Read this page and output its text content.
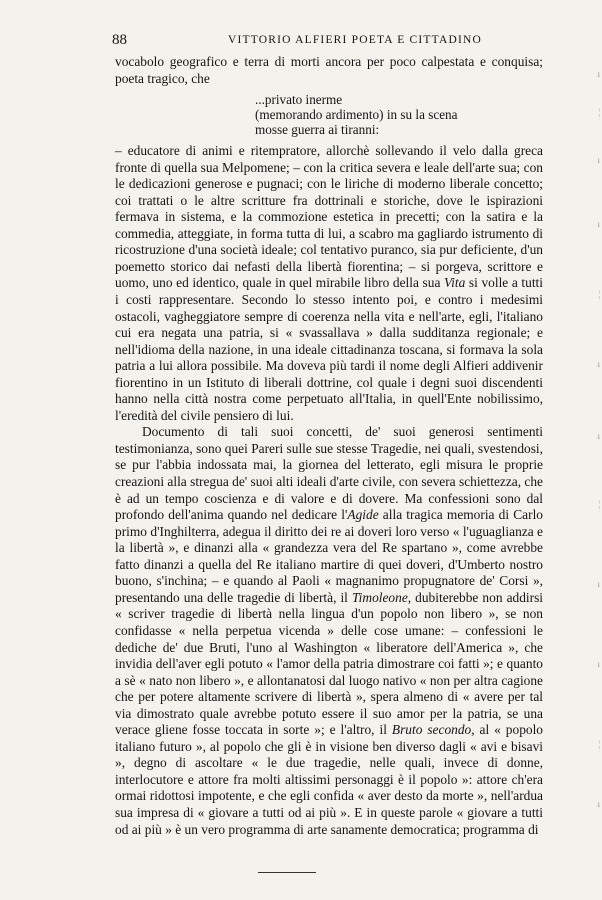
88	VITTORIO ALFIERI POETA E CITTADINO

vocabolo geografico e terra di morti ancora per poco calpestata e conquisa; poeta tragico, che

...privato inerme
(memorando ardimento) in su la scena
mosse guerra ai tiranni:

– educatore di animi e ritempratore, allorchè sollevando il velo dalla greca fronte di quella sua Melpomene; – con la critica severa e leale dell'arte sua; con le dedicazioni generose e pugnaci; con le liriche di moderno liberale concetto; coi trattati o le altre scritture fra dottrinali e storiche, dove le ispirazioni fermava in sistema, e la commozione estetica in precetti; con la satira e la commedia, atteggiate, in forma tutta di lui, a scabro ma gagliardo istrumento di ricostruzione d'una società ideale; col tentativo puranco, sia pur deficiente, d'un poemetto storico dai nefasti della libertà fiorentina; – si porgeva, scrittore e uomo, uno ed identico, quale in quel mirabile libro della sua Vita si volle a tutti i costi rappresentare. Secondo lo stesso intento poi, e contro i medesimi ostacoli, vagheggiatore sempre di coerenza nella vita e nell'arte, egli, l'italiano cui era negata una patria, si « svassallava » dalla sudditanza regionale; e nell'idioma della nazione, in una ideale cittadinanza toscana, si formava la sola patria a lui allora possibile. Ma doveva più tardi il nome degli Alfieri addivenir fiorentino in un Istituto di liberali dottrine, col quale i degni suoi discendenti hanno nella città nostra come perpetuato all'Italia, in quell'Ente nobilissimo, l'eredità del civile pensiero di lui.

Documento di tali suoi concetti, de' suoi generosi sentimenti testimonianza, sono quei Pareri sulle sue stesse Tragedie, nei quali, svestendosi, se pur l'abbia indossata mai, la giornea del letterato, egli misura le proprie creazioni alla stregua de' suoi alti ideali d'arte civile, con severa schiettezza, che è ad un tempo coscienza e di valore e di dovere. Ma confessioni sono dal profondo dell'anima quando nel dedicare l'Agide alla tragica memoria di Carlo primo d'Inghilterra, adegua il diritto dei re ai doveri loro verso « l'uguaglianza e la libertà », e dinanzi alla « grandezza vera del Re spartano », come avrebbe fatto dinanzi a quella del Re italiano martire di quei doveri, d'Umberto nostro buono, s'inchina; – e quando al Paoli « magnanimo propugnatore de' Corsi », presentando una delle tragedie di libertà, il Timoleone, dubiterebbe non addirsi « scriver tragedie di libertà nella lingua d'un popolo non libero », se non confidasse « nella perpetua vicenda » delle cose umane: – confessioni le dediche de' due Bruti, l'uno al Washington « liberatore dell'America », che invidia dell'aver egli potuto « l'amor della patria dimostrare coi fatti »; e quanto a sè « nato non libero », e allontanatosi dal luogo nativo « non per altra cagione che per potere altamente scrivere di libertà », spera almeno di « avere per tal via dimostrato quale avrebbe potuto essere il suo amor per la patria, se una verace gliene fosse toccata in sorte »; e l'altro, il Bruto secondo, al « popolo italiano futuro », al popolo che gli è in visione ben diverso dagli « avi e bisavi », degno di ascoltare « le due tragedie, nelle quali, invece di donne, interlocutore e attore fra molti altissimi personaggi è il popolo »: attore ch'era ormai ridottosi impotente, e che egli confida « aver desto da morte », nell'ardua sua impresa di « giovare a tutti od ai più ». E in queste parole « giovare a tutti od ai più » è un vero programma di arte sanamente democratica; programma di

ı
¦
ı
ı
¦
ı
ı
¦
ı
ı
¦
ı
